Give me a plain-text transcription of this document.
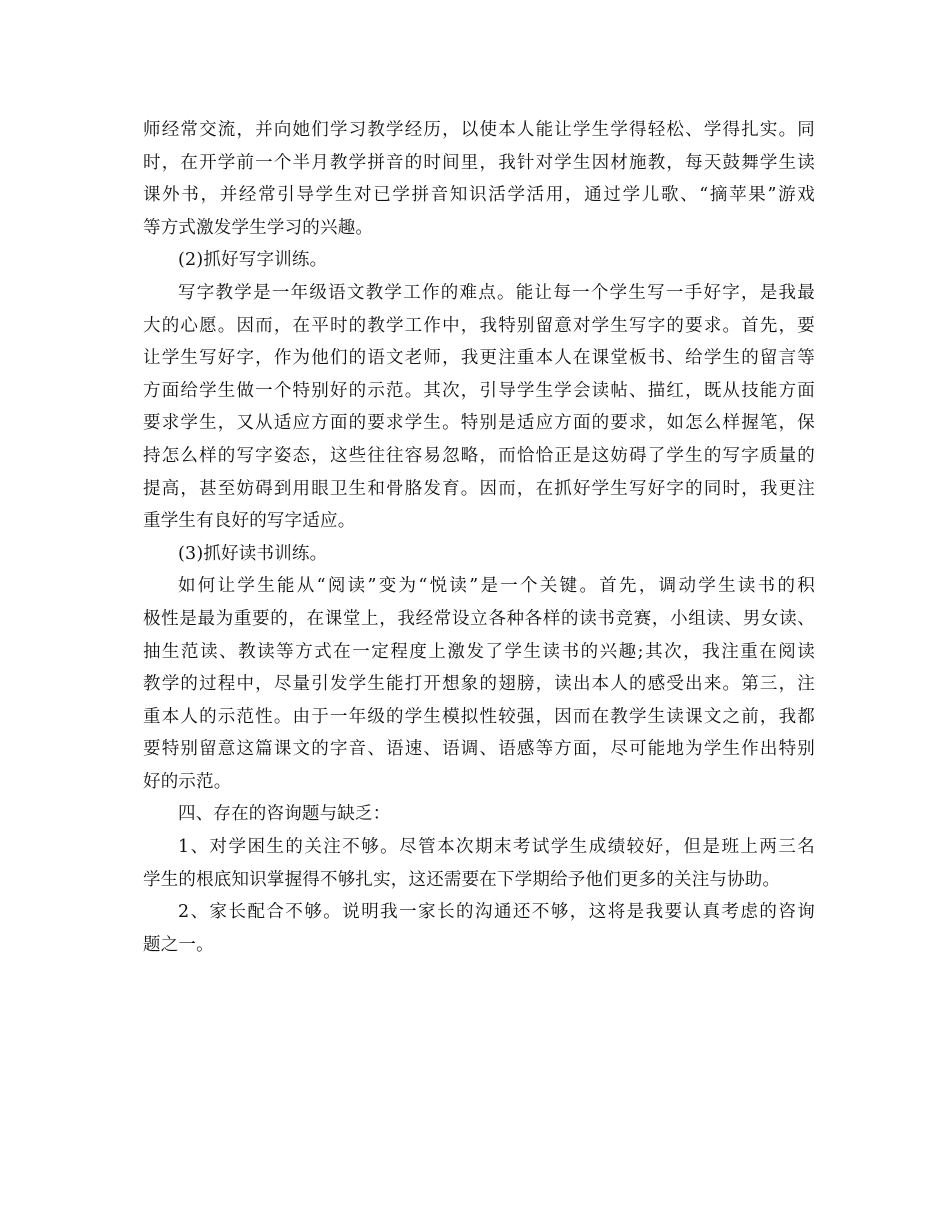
师经常交流，并向她们学习教学经历，以使本人能让学生学得轻松、学得扎实。同
时，在开学前一个半月教学拼音的时间里，我针对学生因材施教，每天鼓舞学生读
课外书，并经常引导学生对已学拼音知识活学活用，通过学儿歌、“摘苹果”游戏
等方式激发学生学习的兴趣。
(2)抓好写字训练。
写字教学是一年级语文教学工作的难点。能让每一个学生写一手好字，是我最
大的心愿。因而，在平时的教学工作中，我特别留意对学生写字的要求。首先，要
让学生写好字，作为他们的语文老师，我更注重本人在课堂板书、给学生的留言等
方面给学生做一个特别好的示范。其次，引导学生学会读帖、描红，既从技能方面
要求学生，又从适应方面的要求学生。特别是适应方面的要求，如怎么样握笔，保
持怎么样的写字姿态，这些往往容易忽略，而恰恰正是这妨碍了学生的写字质量的
提高，甚至妨碍到用眼卫生和骨胳发育。因而，在抓好学生写好字的同时，我更注
重学生有良好的写字适应。
(3)抓好读书训练。
如何让学生能从“阅读”变为“悦读”是一个关键。首先，调动学生读书的积
极性是最为重要的，在课堂上，我经常设立各种各样的读书竞赛，小组读、男女读、
抽生范读、教读等方式在一定程度上激发了学生读书的兴趣;其次，我注重在阅读
教学的过程中，尽量引发学生能打开想象的翅膀，读出本人的感受出来。第三，注
重本人的示范性。由于一年级的学生模拟性较强，因而在教学生读课文之前，我都
要特别留意这篇课文的字音、语速、语调、语感等方面，尽可能地为学生作出特别
好的示范。
四、存在的咨询题与缺乏：
1、对学困生的关注不够。尽管本次期末考试学生成绩较好，但是班上两三名
学生的根底知识掌握得不够扎实，这还需要在下学期给予他们更多的关注与协助。
2、家长配合不够。说明我一家长的沟通还不够，这将是我要认真考虑的咨询
题之一。
